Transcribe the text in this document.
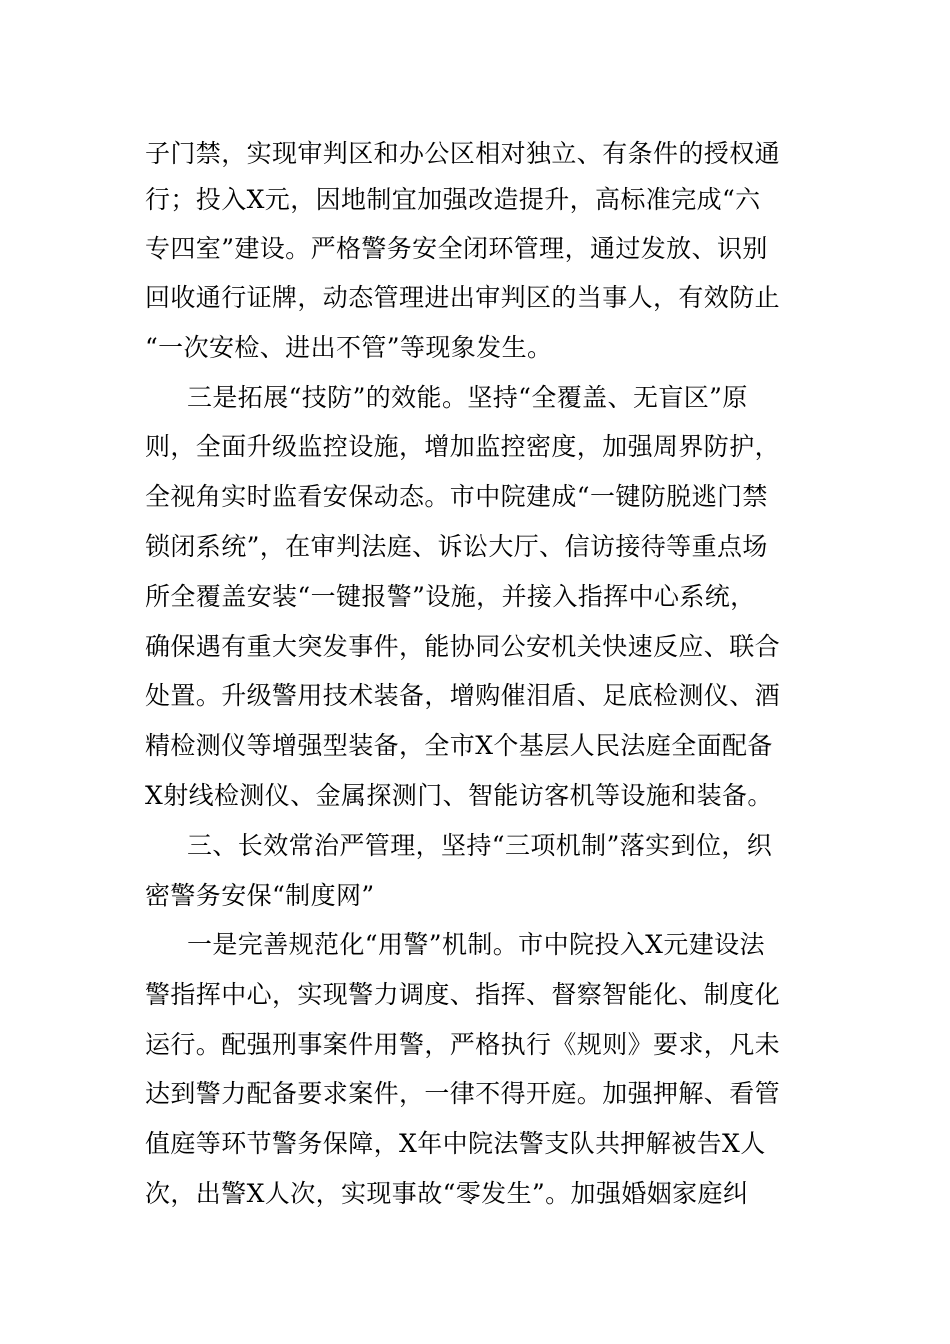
子门禁，实现审判区和办公区相对独立、有条件的授权通
行；投入X元，因地制宜加强改造提升，高标准完成“六
专四室”建设。严格警务安全闭环管理，通过发放、识别
回收通行证牌，动态管理进出审判区的当事人，有效防止
“一次安检、进出不管”等现象发生。
三是拓展“技防”的效能。坚持“全覆盖、无盲区”原
则，全面升级监控设施，增加监控密度，加强周界防护，
全视角实时监看安保动态。市中院建成“一键防脱逃门禁
锁闭系统”，在审判法庭、诉讼大厅、信访接待等重点场
所全覆盖安装“一键报警”设施，并接入指挥中心系统，
确保遇有重大突发事件，能协同公安机关快速反应、联合
处置。升级警用技术装备，增购催泪盾、足底检测仪、酒
精检测仪等增强型装备，全市X个基层人民法庭全面配备
X射线检测仪、金属探测门、智能访客机等设施和装备。
三、长效常治严管理，坚持“三项机制”落实到位，织
密警务安保“制度网”
一是完善规范化“用警”机制。市中院投入X元建设法
警指挥中心，实现警力调度、指挥、督察智能化、制度化
运行。配强刑事案件用警，严格执行《规则》要求，凡未
达到警力配备要求案件，一律不得开庭。加强押解、看管
值庭等环节警务保障，X年中院法警支队共押解被告X人
次，出警X人次，实现事故“零发生”。加强婚姻家庭纠
